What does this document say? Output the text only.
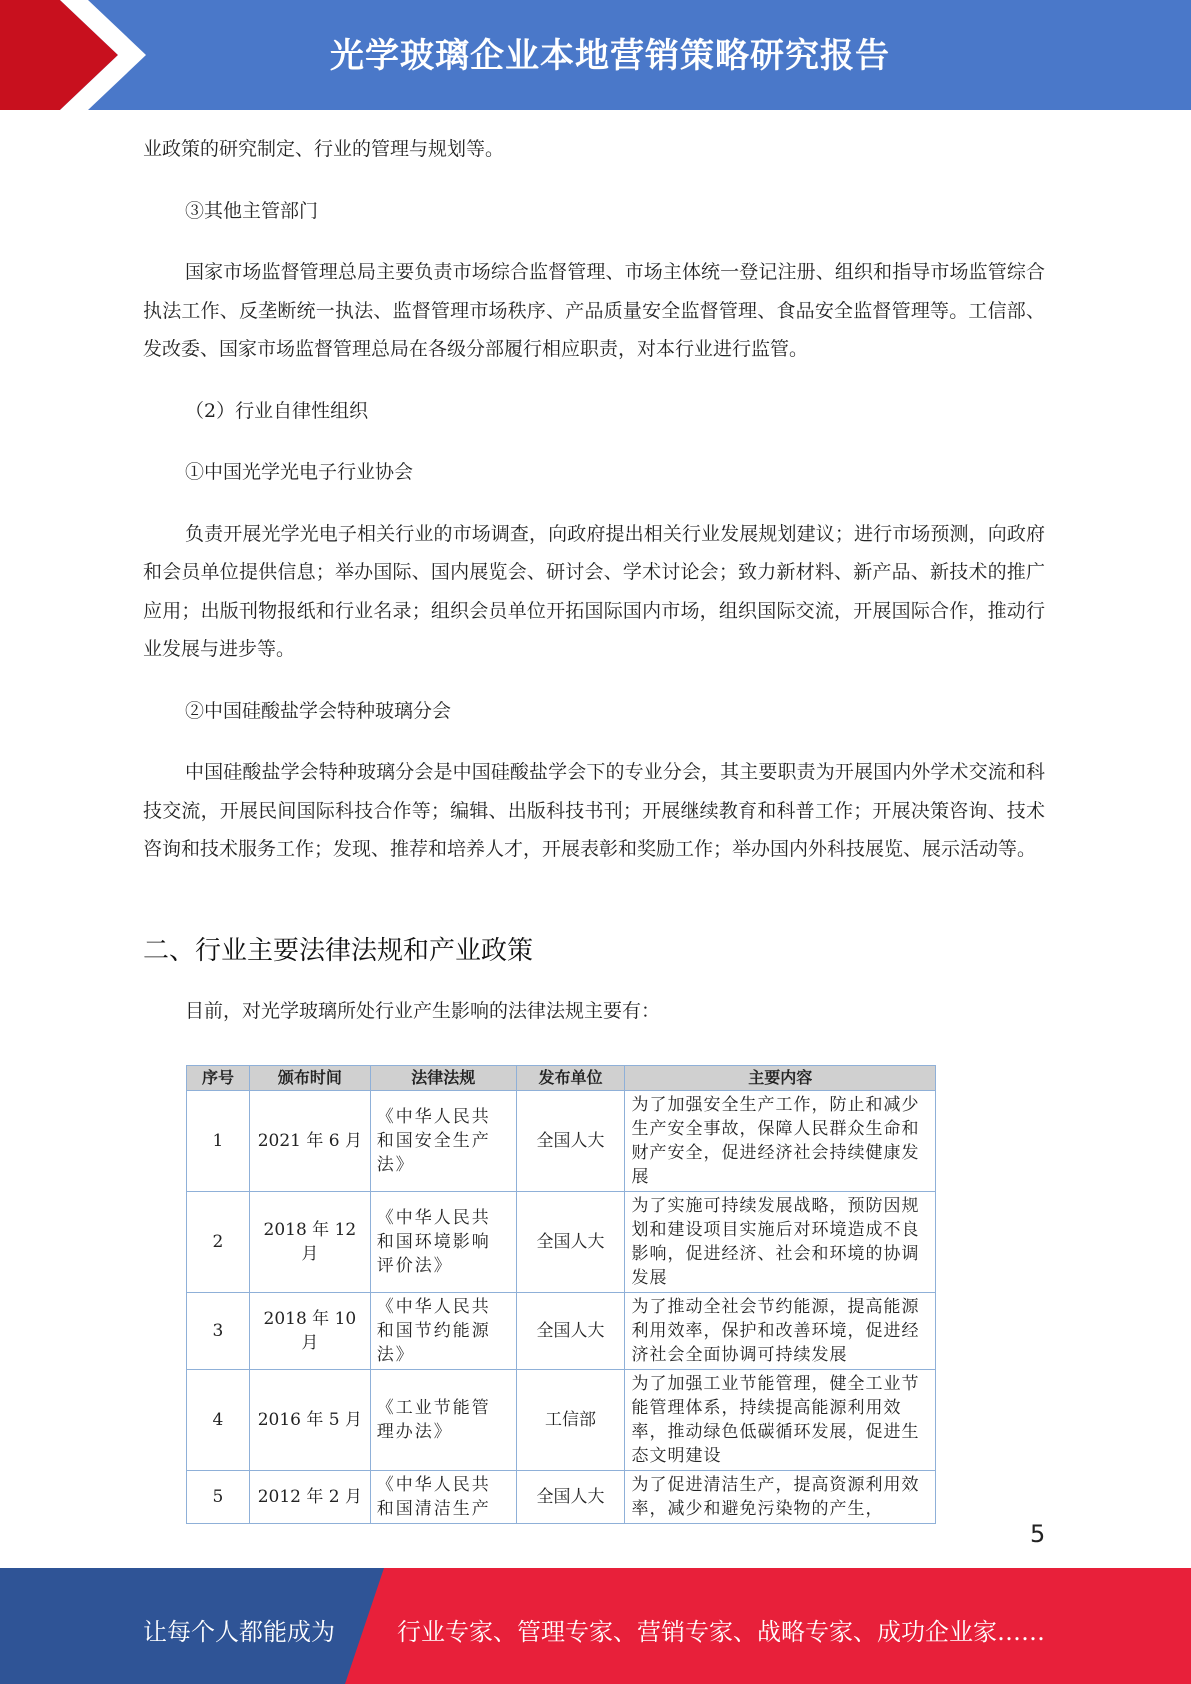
光学玻璃企业本地营销策略研究报告

业政策的研究制定、行业的管理与规划等。

③其他主管部门

国家市场监督管理总局主要负责市场综合监督管理、市场主体统一登记注册、组织和指导市场监管综合执法工作、反垄断统一执法、监督管理市场秩序、产品质量安全监督管理、食品安全监督管理等。工信部、发改委、国家市场监督管理总局在各级分部履行相应职责，对本行业进行监管。

（2）行业自律性组织

①中国光学光电子行业协会

负责开展光学光电子相关行业的市场调查，向政府提出相关行业发展规划建议；进行市场预测，向政府和会员单位提供信息；举办国际、国内展览会、研讨会、学术讨论会；致力新材料、新产品、新技术的推广应用；出版刊物报纸和行业名录；组织会员单位开拓国际国内市场，组织国际交流，开展国际合作，推动行业发展与进步等。

②中国硅酸盐学会特种玻璃分会

中国硅酸盐学会特种玻璃分会是中国硅酸盐学会下的专业分会，其主要职责为开展国内外学术交流和科技交流，开展民间国际科技合作等；编辑、出版科技书刊；开展继续教育和科普工作；开展决策咨询、技术咨询和技术服务工作；发现、推荐和培养人才，开展表彰和奖励工作；举办国内外科技展览、展示活动等。

二、行业主要法律法规和产业政策
目前，对光学玻璃所处行业产生影响的法律法规主要有：
序号	颁布时间	法律法规	发布单位	主要内容
1	2021 年 6 月	《中华人民共和国安全生产法》	全国人大	为了加强安全生产工作，防止和减少生产安全事故，保障人民群众生命和财产安全，促进经济社会持续健康发展
2	2018 年 12 月	《中华人民共和国环境影响评价法》	全国人大	为了实施可持续发展战略，预防因规划和建设项目实施后对环境造成不良影响，促进经济、社会和环境的协调发展
3	2018 年 10 月	《中华人民共和国节约能源法》	全国人大	为了推动全社会节约能源，提高能源利用效率，保护和改善环境，促进经济社会全面协调可持续发展
4	2016 年 5 月	《工业节能管理办法》	工信部	为了加强工业节能管理，健全工业节能管理体系，持续提高能源利用效率，推动绿色低碳循环发展，促进生态文明建设
5	2012 年 2 月	《中华人民共和国清洁生产	全国人大	为了促进清洁生产，提高资源利用效率，减少和避免污染物的产生，
5
让每个人都能成为	行业专家、管理专家、营销专家、战略专家、成功企业家……
